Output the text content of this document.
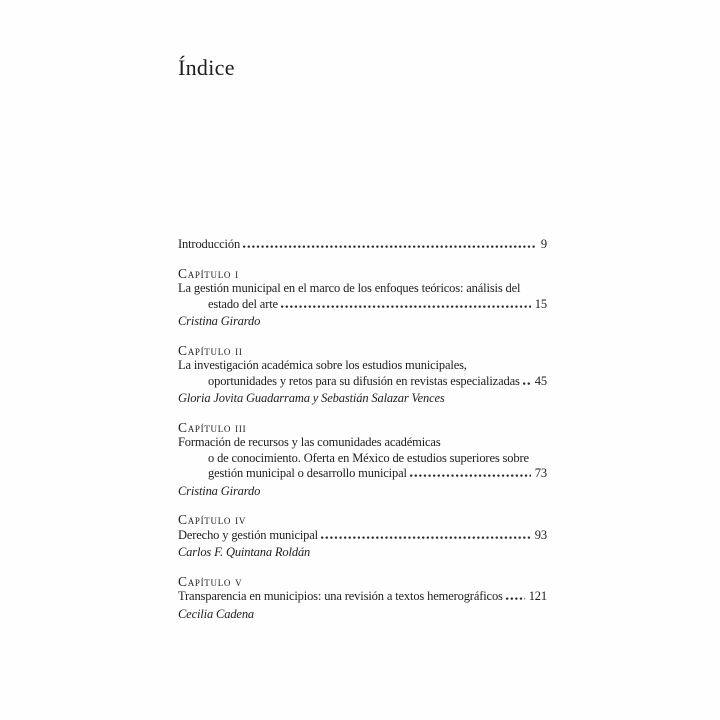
Índice
Introducción	9
Capítulo i
La gestión municipal en el marco de los enfoques teóricos: análisis del
estado del arte	15
Cristina Girardo
Capítulo ii
La investigación académica sobre los estudios municipales,
oportunidades y retos para su difusión en revistas especializadas 45
Gloria Jovita Guadarrama y Sebastián Salazar Vences
Capítulo iii
Formación de recursos y las comunidades académicas
o de conocimiento. Oferta en México de estudios superiores sobre
gestión municipal o desarrollo municipal	73
Cristina Girardo
Capítulo iv
Derecho y gestión municipal	93
Carlos F. Quintana Roldán
Capítulo v
Transparencia en municipios: una revisión a textos hemerográficos 121
Cecilia Cadena
